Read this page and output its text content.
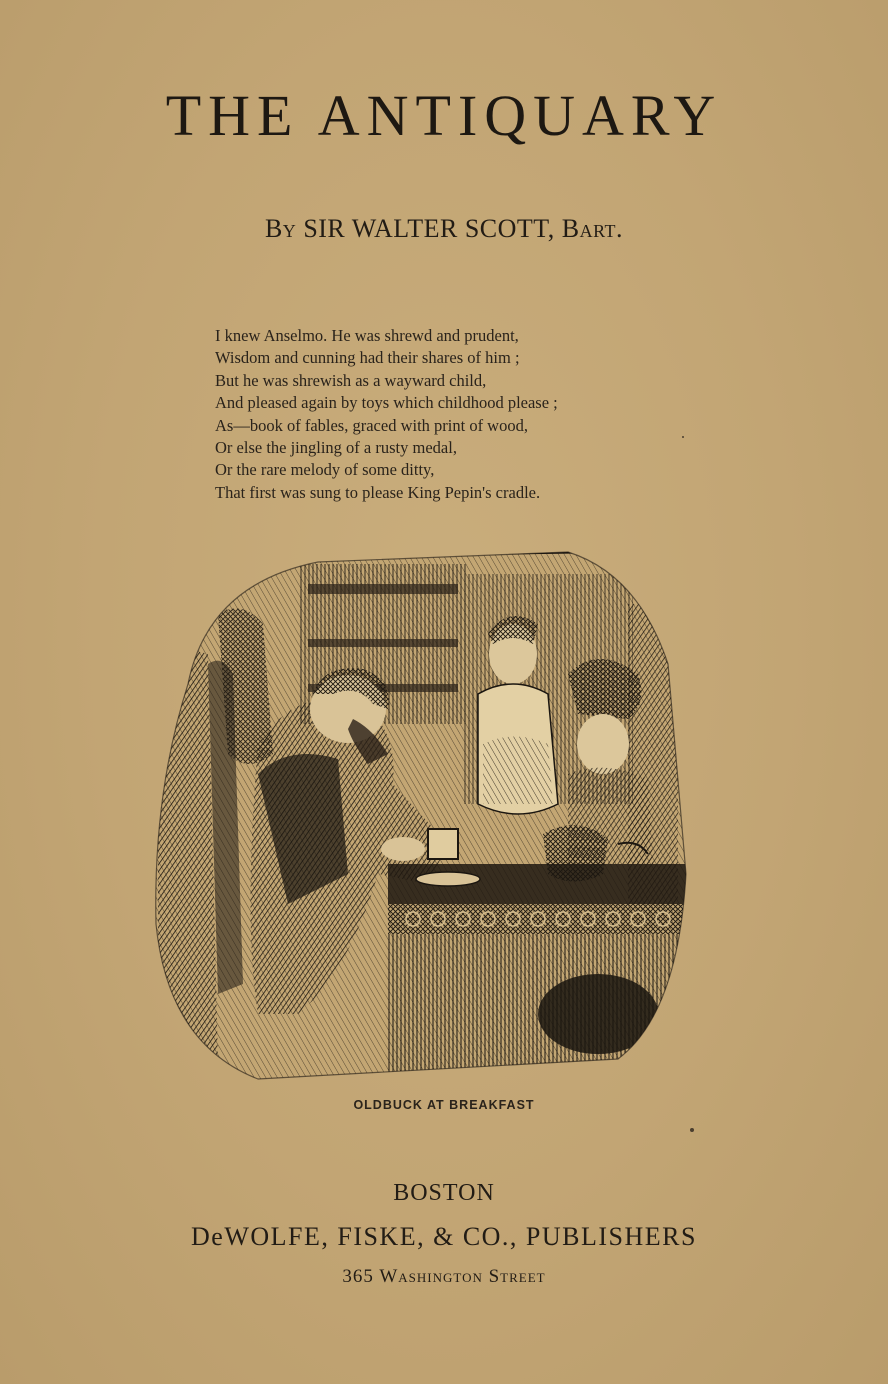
THE ANTIQUARY
By SIR WALTER SCOTT, Bart.
I knew Anselmo. He was shrewd and prudent,
Wisdom and cunning had their shares of him ;
But he was shrewish as a wayward child,
And pleased again by toys which childhood please ;
As—book of fables, graced with print of wood,
Or else the jingling of a rusty medal,
Or the rare melody of some ditty,
That first was sung to please King Pepin's cradle.
OLDBUCK AT BREAKFAST
BOSTON
DeWOLFE, FISKE, & CO., PUBLISHERS
365 Washington Street
